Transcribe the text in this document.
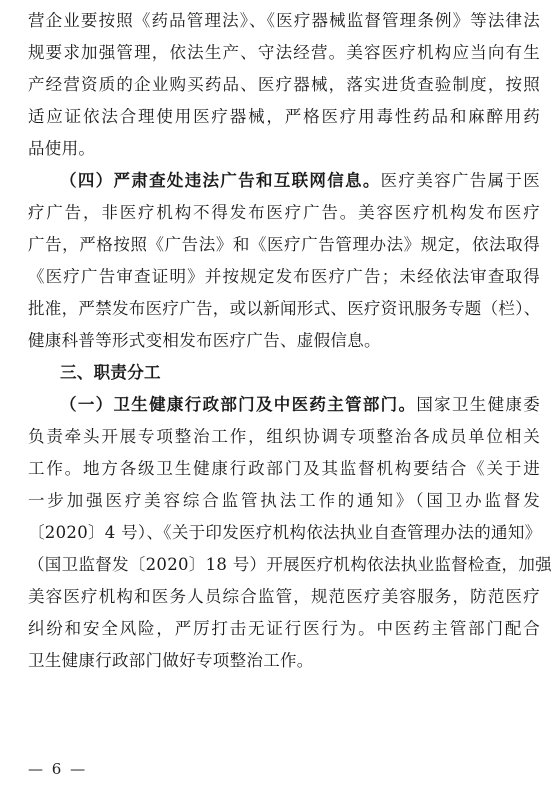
营企业要按照《药品管理法》、《医疗器械监督管理条例》等法律法
规要求加强管理，依法生产、守法经营。美容医疗机构应当向有生
产经营资质的企业购买药品、医疗器械，落实进货查验制度，按照
适应证依法合理使用医疗器械，严格医疗用毒性药品和麻醉用药
品使用。
（四）严肃查处违法广告和互联网信息。医疗美容广告属于医
疗广告，非医疗机构不得发布医疗广告。美容医疗机构发布医疗
广告，严格按照《广告法》和《医疗广告管理办法》规定，依法取得
《医疗广告审查证明》并按规定发布医疗广告；未经依法审查取得
批准，严禁发布医疗广告，或以新闻形式、医疗资讯服务专题（栏）、
健康科普等形式变相发布医疗广告、虚假信息。
三、职责分工
（一）卫生健康行政部门及中医药主管部门。国家卫生健康委
负责牵头开展专项整治工作，组织协调专项整治各成员单位相关
工作。地方各级卫生健康行政部门及其监督机构要结合《关于进
一步加强医疗美容综合监管执法工作的通知》（国卫办监督发
〔2020〕4 号）、《关于印发医疗机构依法执业自查管理办法的通知》
（国卫监督发〔2020〕18 号）开展医疗机构依法执业监督检查，加强
美容医疗机构和医务人员综合监管，规范医疗美容服务，防范医疗
纠纷和安全风险，严厉打击无证行医行为。中医药主管部门配合
卫生健康行政部门做好专项整治工作。
— 6 —
